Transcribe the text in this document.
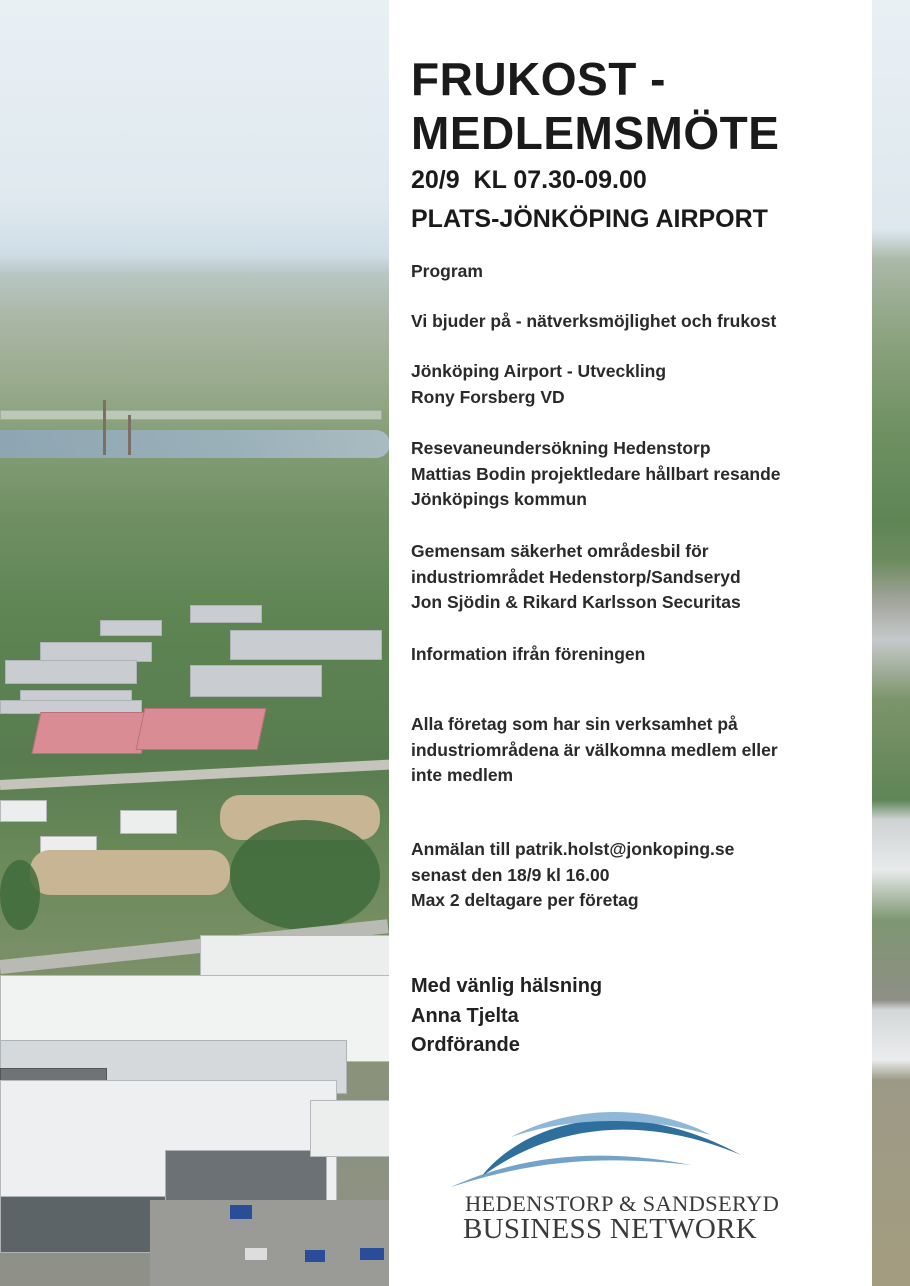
FRUKOST -
MEDLEMSMÖTE

20/9  KL 07.30-09.00

PLATS-JÖNKÖPING AIRPORT

Program

Vi bjuder på - nätverksmöjlighet och frukost

Jönköping Airport - Utveckling
Rony Forsberg VD

Resevaneundersökning Hedenstorp
Mattias Bodin projektledare hållbart resande
Jönköpings kommun

Gemensam säkerhet områdesbil för
industriområdet Hedenstorp/Sandseryd
Jon Sjödin & Rikard Karlsson Securitas

Information ifrån föreningen

Alla företag som har sin verksamhet på
industriområdena är välkomna medlem eller
inte medlem

Anmälan till patrik.holst@jonkoping.se
senast den 18/9 kl 16.00
Max 2 deltagare per företag

Med vänlig hälsning
Anna Tjelta
Ordförande

HEDENSTORP & SANDSERYD

BUSINESS NETWORK
